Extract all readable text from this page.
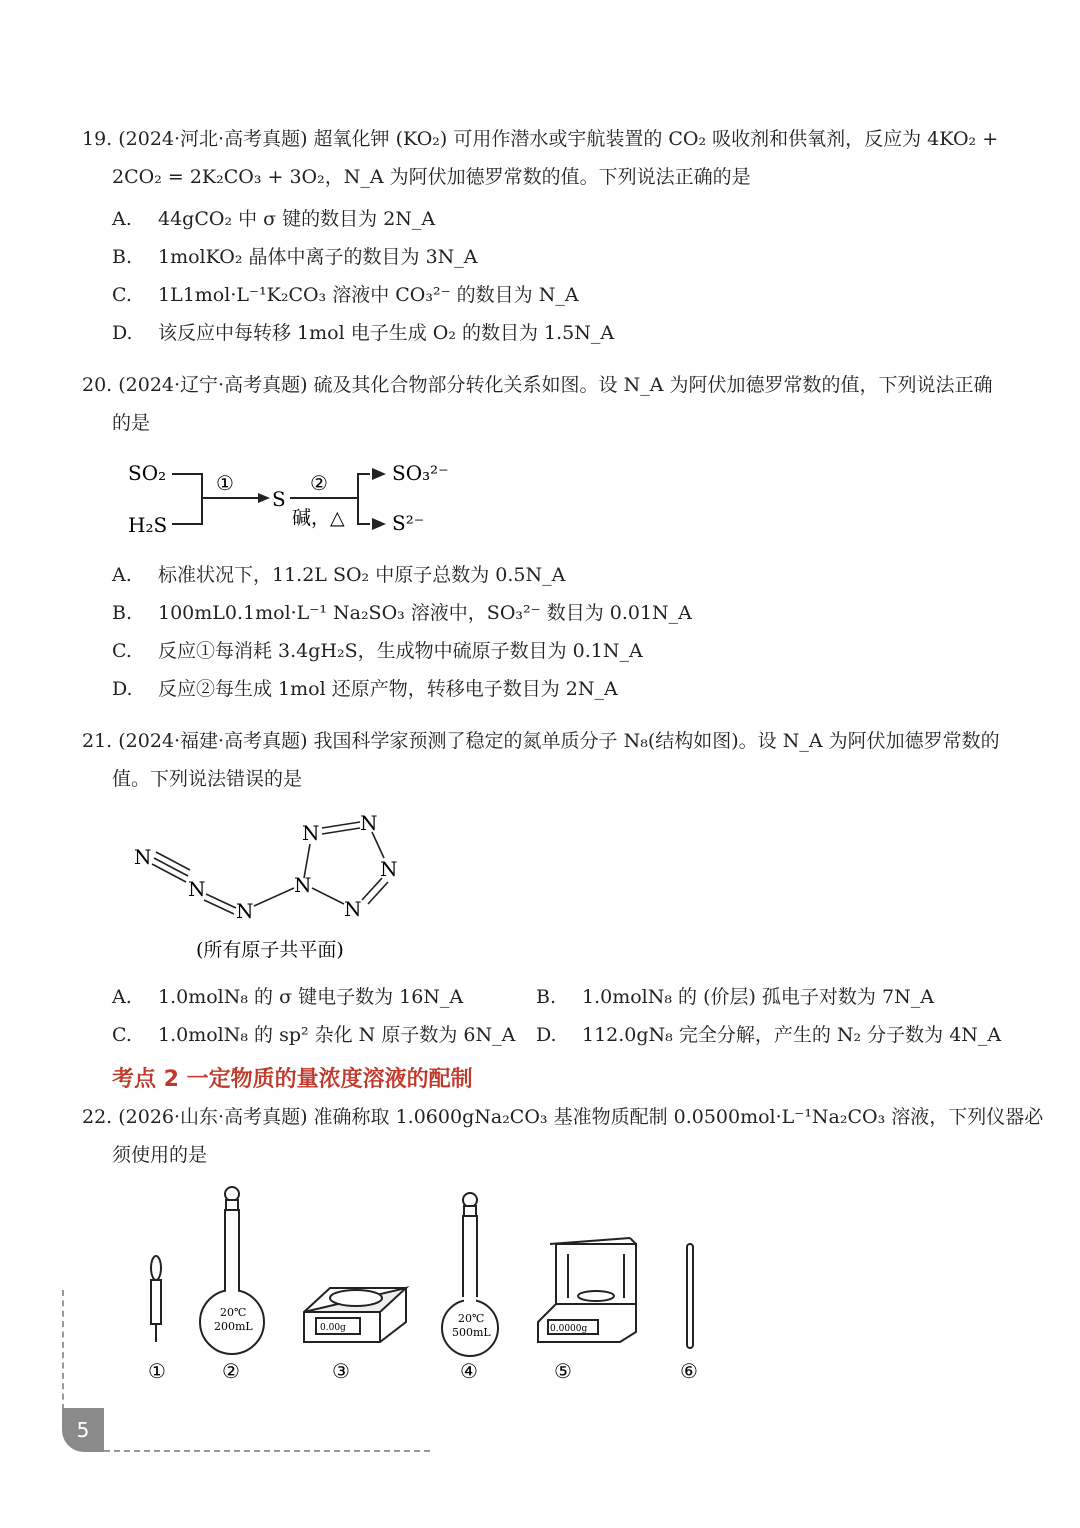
19. (2024·河北·高考真题) 超氧化钾 (KO₂) 可用作潜水或宇航装置的 CO₂ 吸收剂和供氧剂，反应为 4KO₂ +
2CO₂ = 2K₂CO₃ + 3O₂，N_A 为阿伏加德罗常数的值。下列说法正确的是
A. 44gCO₂ 中 σ 键的数目为 2N_A
B. 1molKO₂ 晶体中离子的数目为 3N_A
C. 1L1mol·L⁻¹K₂CO₃ 溶液中 CO₃²⁻ 的数目为 N_A
D. 该反应中每转移 1mol 电子生成 O₂ 的数目为 1.5N_A
20. (2024·辽宁·高考真题) 硫及其化合物部分转化关系如图。设 N_A 为阿伏加德罗常数的值，下列说法正确
的是
SO₂
H₂S
①
S
②
碱，△
SO₃²⁻
S²⁻
A. 标准状况下，11.2L SO₂ 中原子总数为 0.5N_A
B. 100mL0.1mol·L⁻¹ Na₂SO₃ 溶液中，SO₃²⁻ 数目为 0.01N_A
C. 反应①每消耗 3.4gH₂S，生成物中硫原子数目为 0.1N_A
D. 反应②每生成 1mol 还原产物，转移电子数目为 2N_A
21. (2024·福建·高考真题) 我国科学家预测了稳定的氮单质分子 N₈(结构如图)。设 N_A 为阿伏加德罗常数的
值。下列说法错误的是
N
N
N
N
N N
N
N
(所有原子共平面)
A. 1.0molN₈ 的 σ 键电子数为 16N_A	B. 1.0molN₈ 的 (价层) 孤电子对数为 7N_A
C. 1.0molN₈ 的 sp² 杂化 N 原子数为 6N_A D. 112.0gN₈ 完全分解，产生的 N₂ 分子数为 4N_A
考点 2 一定物质的量浓度溶液的配制
22. (2026·山东·高考真题) 准确称取 1.0600gNa₂CO₃ 基准物质配制 0.0500mol·L⁻¹Na₂CO₃ 溶液，下列仪器必
须使用的是
①
20℃
200mL
②
0.00g
③
20℃
500mL
④
0.0000g
⑤	⑥
5
